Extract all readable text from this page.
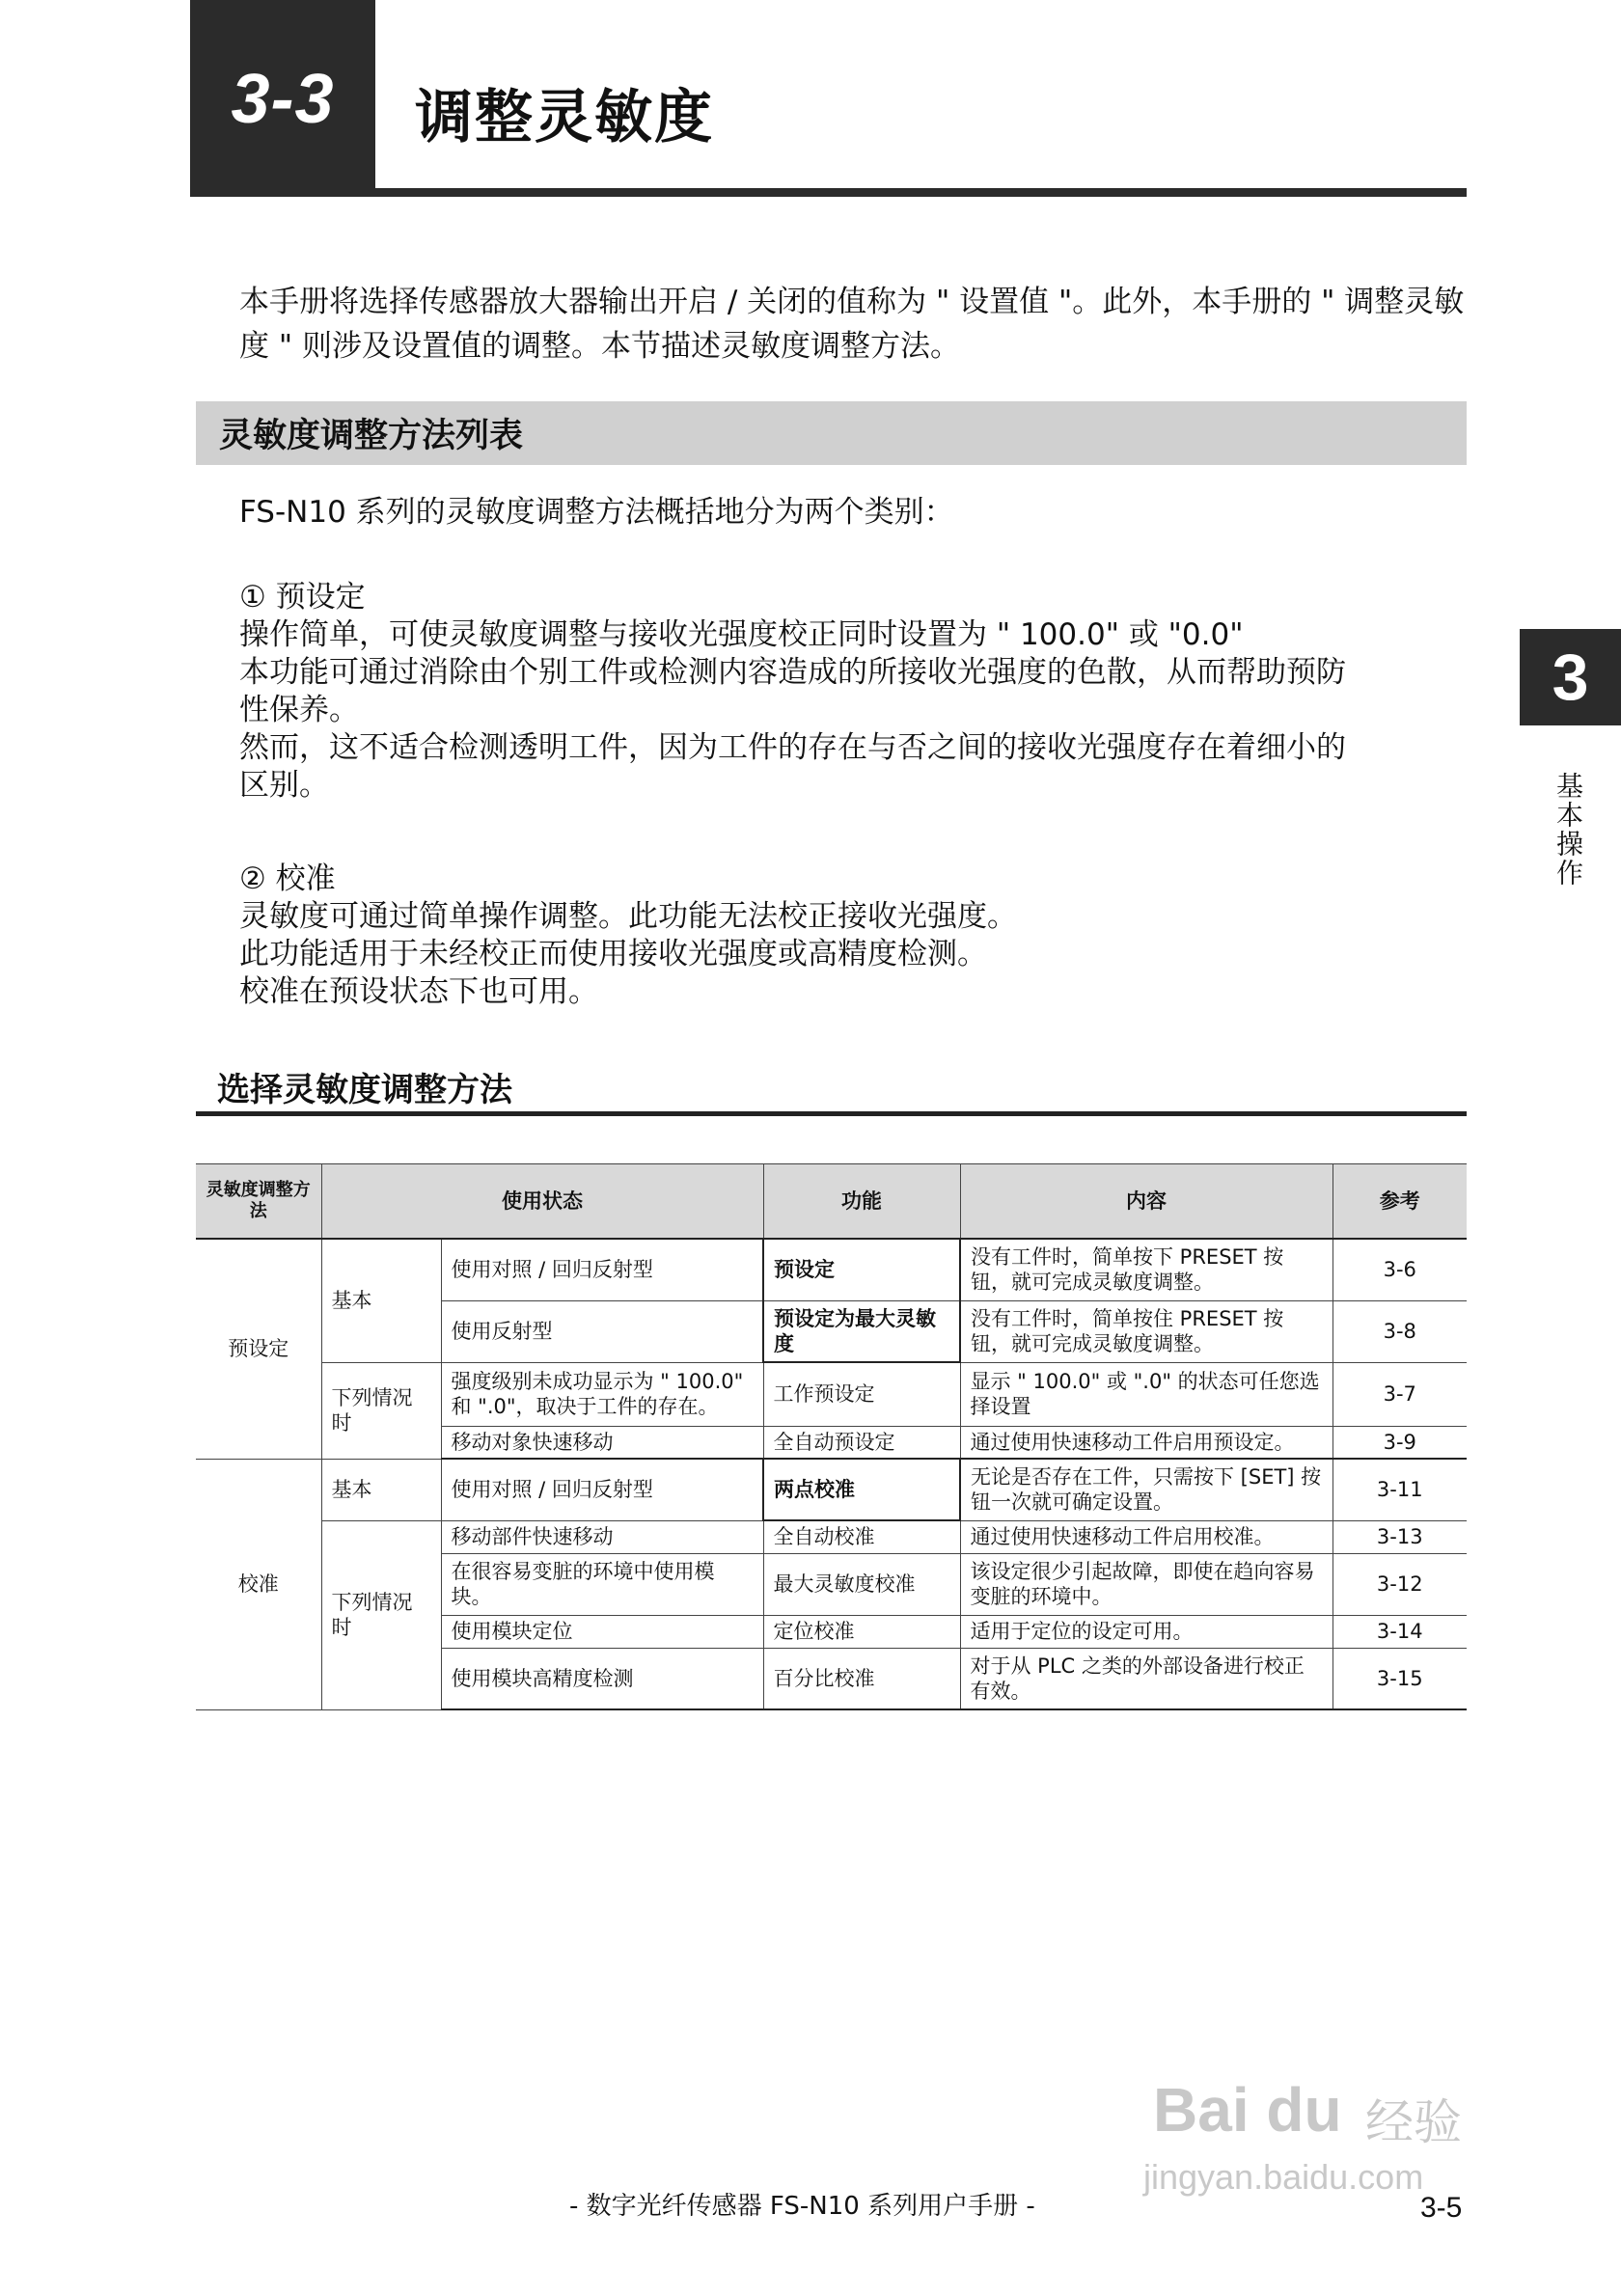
3-3 调整灵敏度
本手册将选择传感器放大器输出开启 / 关闭的值称为 " 设置值 "。此外，本手册的 " 调整灵敏度 " 则涉及设置值的调整。本节描述灵敏度调整方法。
灵敏度调整方法列表
FS-N10 系列的灵敏度调整方法概括地分为两个类别：
① 预设定
操作简单，可使灵敏度调整与接收光强度校正同时设置为 " 100.0" 或 "0.0"
本功能可通过消除由个别工件或检测内容造成的所接收光强度的色散，从而帮助预防
性保养。
然而，这不适合检测透明工件，因为工件的存在与否之间的接收光强度存在着细小的
区别。
② 校准
灵敏度可通过简单操作调整。此功能无法校正接收光强度。
此功能适用于未经校正而使用接收光强度或高精度检测。
校准在预设状态下也可用。
选择灵敏度调整方法
灵敏度调整方法	使用状态		功能	内容	参考
预设定	基本	使用对照 / 回归反射型	预设定	没有工件时，简单按下 PRESET 按钮，就可完成灵敏度调整。	3-6
		使用反射型	预设定为最大灵敏度	没有工件时，简单按住 PRESET 按钮，就可完成灵敏度调整。	3-8
	下列情况时	强度级别未成功显示为 " 100.0" 和 ".0"，取决于工件的存在。	工作预设定	显示 " 100.0" 或 ".0" 的状态可任您选择设置	3-7
		移动对象快速移动	全自动预设定	通过使用快速移动工件启用预设定。	3-9
校准	基本	使用对照 / 回归反射型	两点校准	无论是否存在工件，只需按下 [SET] 按钮一次就可确定设置。	3-11
	下列情况时	移动部件快速移动	全自动校准	通过使用快速移动工件启用校准。	3-13
		在很容易变脏的环境中使用模块。	最大灵敏度校准	该设定很少引起故障，即使在趋向容易变脏的环境中。	3-12
		使用模块定位	定位校准	适用于定位的设定可用。	3-14
		使用模块高精度检测	百分比校准	对于从 PLC 之类的外部设备进行校正有效。	3-15
3
基本操作
Bai du 经验
jingyan.baidu.com
- 数字光纤传感器 FS-N10 系列用户手册 -	3-5
